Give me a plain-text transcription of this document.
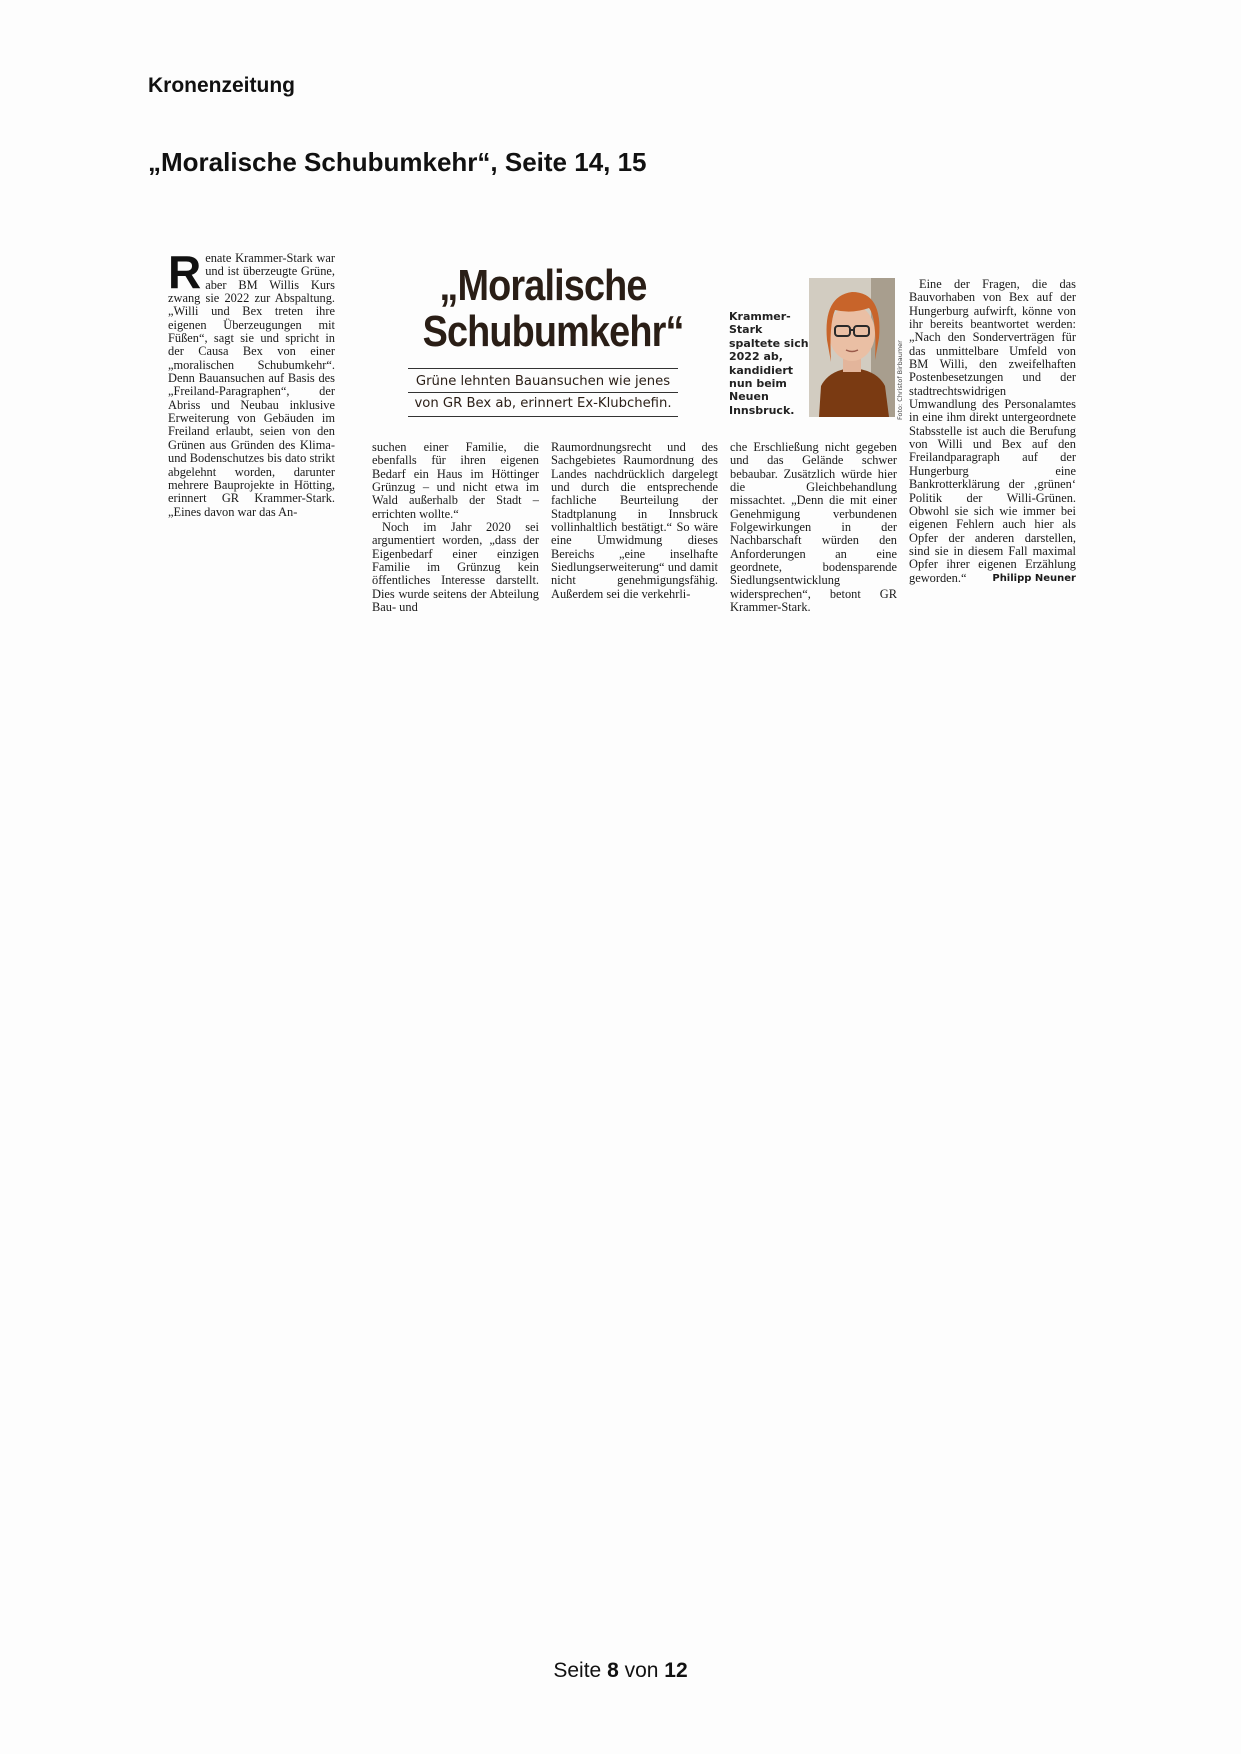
Kronenzeitung
„Moralische Schubumkehr“, Seite 14, 15

Renate Krammer-Stark war und ist überzeugte Grüne, aber BM Willis Kurs zwang sie 2022 zur Abspaltung. „Willi und Bex treten ihre eigenen Überzeugungen mit Füßen“, sagt sie und spricht in der Causa Bex von einer „moralischen Schubumkehr“. Denn Bauansuchen auf Basis des „Freiland-Paragraphen“, der Abriss und Neubau inklusive Erweiterung von Gebäuden im Freiland erlaubt, seien von den Grünen aus Gründen des Klima- und Bodenschutzes bis dato strikt abgelehnt worden, darunter mehrere Bauprojekte in Hötting, erinnert GR Krammer-Stark. „Eines davon war das An-

„Moralische
Schubumkehr“
Grüne lehnten Bauansuchen wie jenes
von GR Bex ab, erinnert Ex-Klubchefin.
Krammer-Stark spaltete sich 2022 ab, kandidiert nun beim Neuen Innsbruck.	Foto: Christof Birbaumer

suchen einer Familie, die ebenfalls für ihren eigenen Bedarf ein Haus im Höttinger Grünzug – und nicht etwa im Wald außerhalb der Stadt – errichten wollte.“

Noch im Jahr 2020 sei argumentiert worden, „dass der Eigenbedarf einer einzigen Familie im Grünzug kein öffentliches Interesse darstellt. Dies wurde seitens der Abteilung Bau- und

Raumordnungsrecht und des Sachgebietes Raumordnung des Landes nachdrücklich dargelegt und durch die entsprechende fachliche Beurteilung der Stadtplanung in Innsbruck vollinhaltlich bestätigt.“ So wäre eine Umwidmung dieses Bereichs „eine inselhafte Siedlungserweiterung“ und damit nicht genehmigungsfähig. Außerdem sei die verkehrli-

che Erschließung nicht gegeben und das Gelände schwer bebaubar. Zusätzlich würde hier die Gleichbehandlung missachtet. „Denn die mit einer Genehmigung verbundenen Folgewirkungen in der Nachbarschaft würden den Anforderungen an eine geordnete, bodensparende Siedlungsentwicklung widersprechen“, betont GR Krammer-Stark.

Eine der Fragen, die das Bauvorhaben von Bex auf der Hungerburg aufwirft, könne von ihr bereits beantwortet werden: „Nach den Sonderverträgen für das unmittelbare Umfeld von BM Willi, den zweifelhaften Postenbesetzungen und der stadtrechtswidrigen Umwandlung des Personalamtes in eine ihm direkt untergeordnete Stabsstelle ist auch die Berufung von Willi und Bex auf den Freilandparagraph auf der Hungerburg eine Bankrotterklärung der ‚grünen‘ Politik der Willi-Grünen. Obwohl sie sich wie immer bei eigenen Fehlern auch hier als Opfer der anderen darstellen, sind sie in diesem Fall maximal Opfer ihrer eigenen Erzählung geworden.“	Philipp Neuner

Seite 8 von 12
